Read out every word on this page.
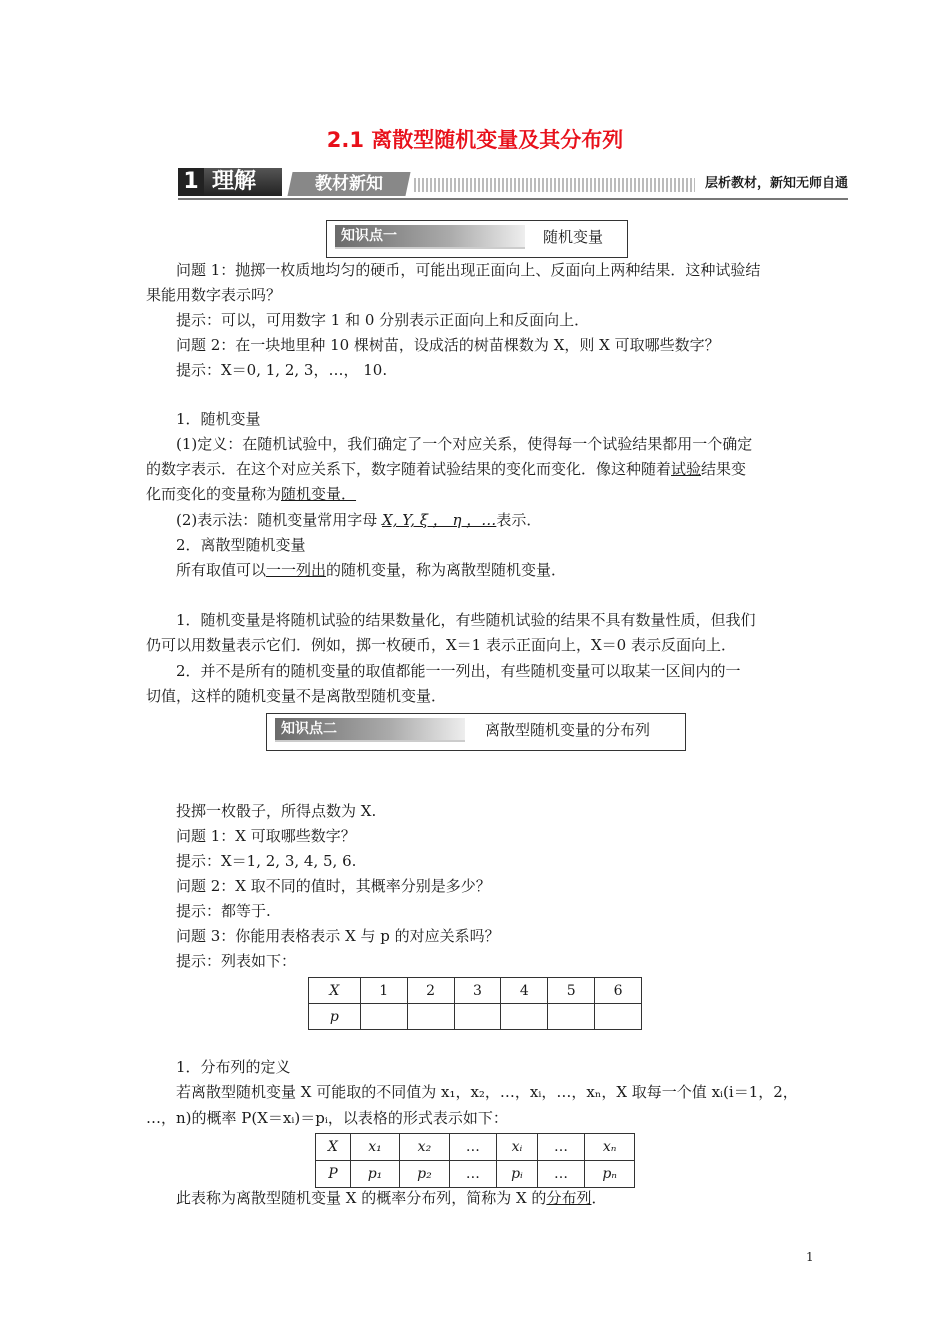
2.1 离散型随机变量及其分布列
1 理解	教材新知	层析教材，新知无师自通
知识点一	随机变量
问题 1：抛掷一枚质地均匀的硬币，可能出现正面向上、反面向上两种结果．这种试验结
果能用数字表示吗？
提示：可以，可用数字 1 和 0 分别表示正面向上和反面向上．
问题 2：在一块地里种 10 棵树苗，设成活的树苗棵数为 X，则 X 可取哪些数字？
提示：X＝0, 1, 2, 3，…， 10.
1．随机变量
(1)定义：在随机试验中，我们确定了一个对应关系，使得每一个试验结果都用一个确定
的数字表示．在这个对应关系下，数字随着试验结果的变化而变化．像这种随着试验结果变
化而变化的变量称为随机变量．
(2)表示法：随机变量常用字母 X, Y, ξ ， η ，…表示．
2．离散型随机变量
所有取值可以一一列出的随机变量，称为离散型随机变量．
1．随机变量是将随机试验的结果数量化，有些随机试验的结果不具有数量性质，但我们
仍可以用数量表示它们．例如，掷一枚硬币，X＝1 表示正面向上，X＝0 表示反面向上．
2．并不是所有的随机变量的取值都能一一列出，有些随机变量可以取某一区间内的一
切值，这样的随机变量不是离散型随机变量．
知识点二	离散型随机变量的分布列
投掷一枚骰子，所得点数为 X.
问题 1：X 可取哪些数字？
提示：X＝1, 2, 3, 4, 5, 6.
问题 2：X 取不同的值时，其概率分别是多少？
提示：都等于.
问题 3：你能用表格表示 X 与 p 的对应关系吗？
提示：列表如下：
X	1	2	3	4	5	6
p						
1．分布列的定义
若离散型随机变量 X 可能取的不同值为 x₁，x₂，…，xᵢ，…，xₙ，X 取每一个值 xᵢ(i＝1，2，
…，n)的概率 P(X＝xᵢ)＝pᵢ，以表格的形式表示如下：
X	x₁	x₂	…	xᵢ	…	xₙ
P	p₁	p₂	…	pᵢ	…	pₙ
此表称为离散型随机变量 X 的概率分布列，简称为 X 的分布列．
1
